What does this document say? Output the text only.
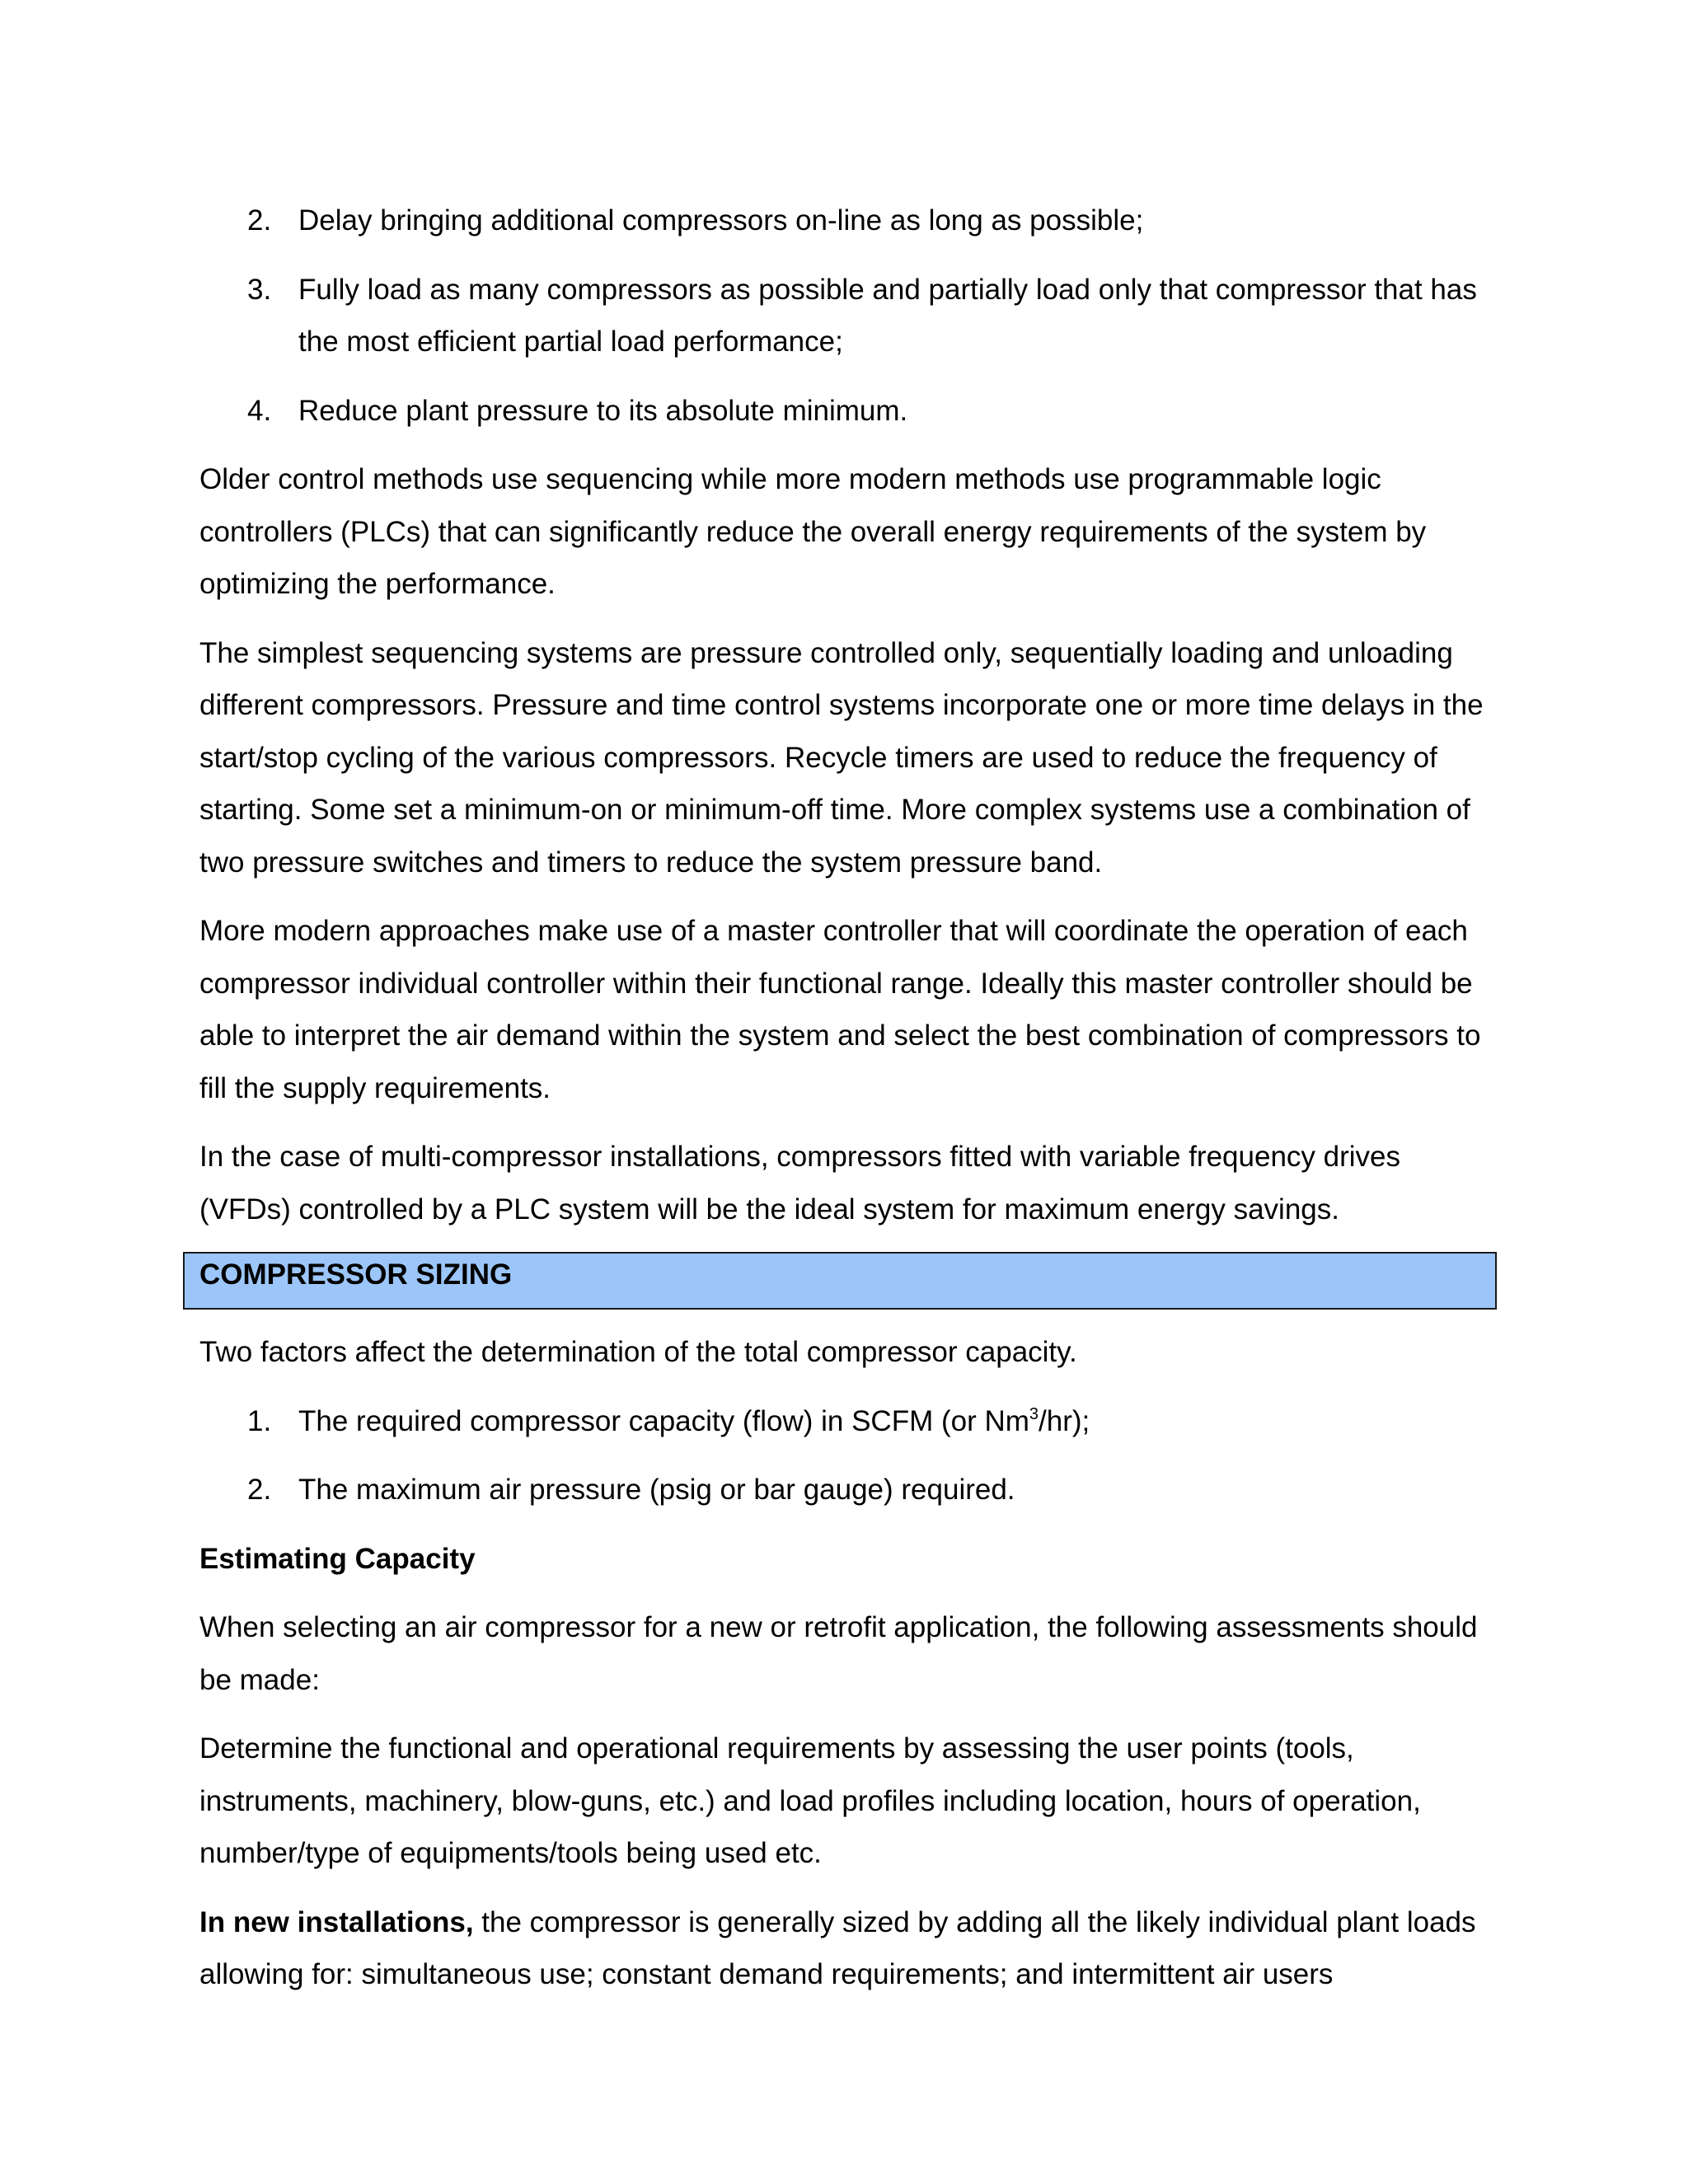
2. Delay bringing additional compressors on-line as long as possible;
3. Fully load as many compressors as possible and partially load only that compressor that has the most efficient partial load performance;
4. Reduce plant pressure to its absolute minimum.

Older control methods use sequencing while more modern methods use programmable logic controllers (PLCs) that can significantly reduce the overall energy requirements of the system by optimizing the performance.

The simplest sequencing systems are pressure controlled only, sequentially loading and unloading different compressors. Pressure and time control systems incorporate one or more time delays in the start/stop cycling of the various compressors. Recycle timers are used to reduce the frequency of starting. Some set a minimum-on or minimum-off time. More complex systems use a combination of two pressure switches and timers to reduce the system pressure band.

More modern approaches make use of a master controller that will coordinate the operation of each compressor individual controller within their functional range. Ideally this master controller should be able to interpret the air demand within the system and select the best combination of compressors to fill the supply requirements.

In the case of multi-compressor installations, compressors fitted with variable frequency drives (VFDs) controlled by a PLC system will be the ideal system for maximum energy savings.

COMPRESSOR SIZING

Two factors affect the determination of the total compressor capacity.

1. The required compressor capacity (flow) in SCFM (or Nm$^3$/hr);
2. The maximum air pressure (psig or bar gauge) required.

Estimating Capacity

When selecting an air compressor for a new or retrofit application, the following assessments should be made:

Determine the functional and operational requirements by assessing the user points (tools, instruments, machinery, blow-guns, etc.) and load profiles including location, hours of operation, number/type of equipments/tools being used etc.

In new installations, the compressor is generally sized by adding all the likely individual plant loads allowing for: simultaneous use; constant demand requirements; and intermittent air users
